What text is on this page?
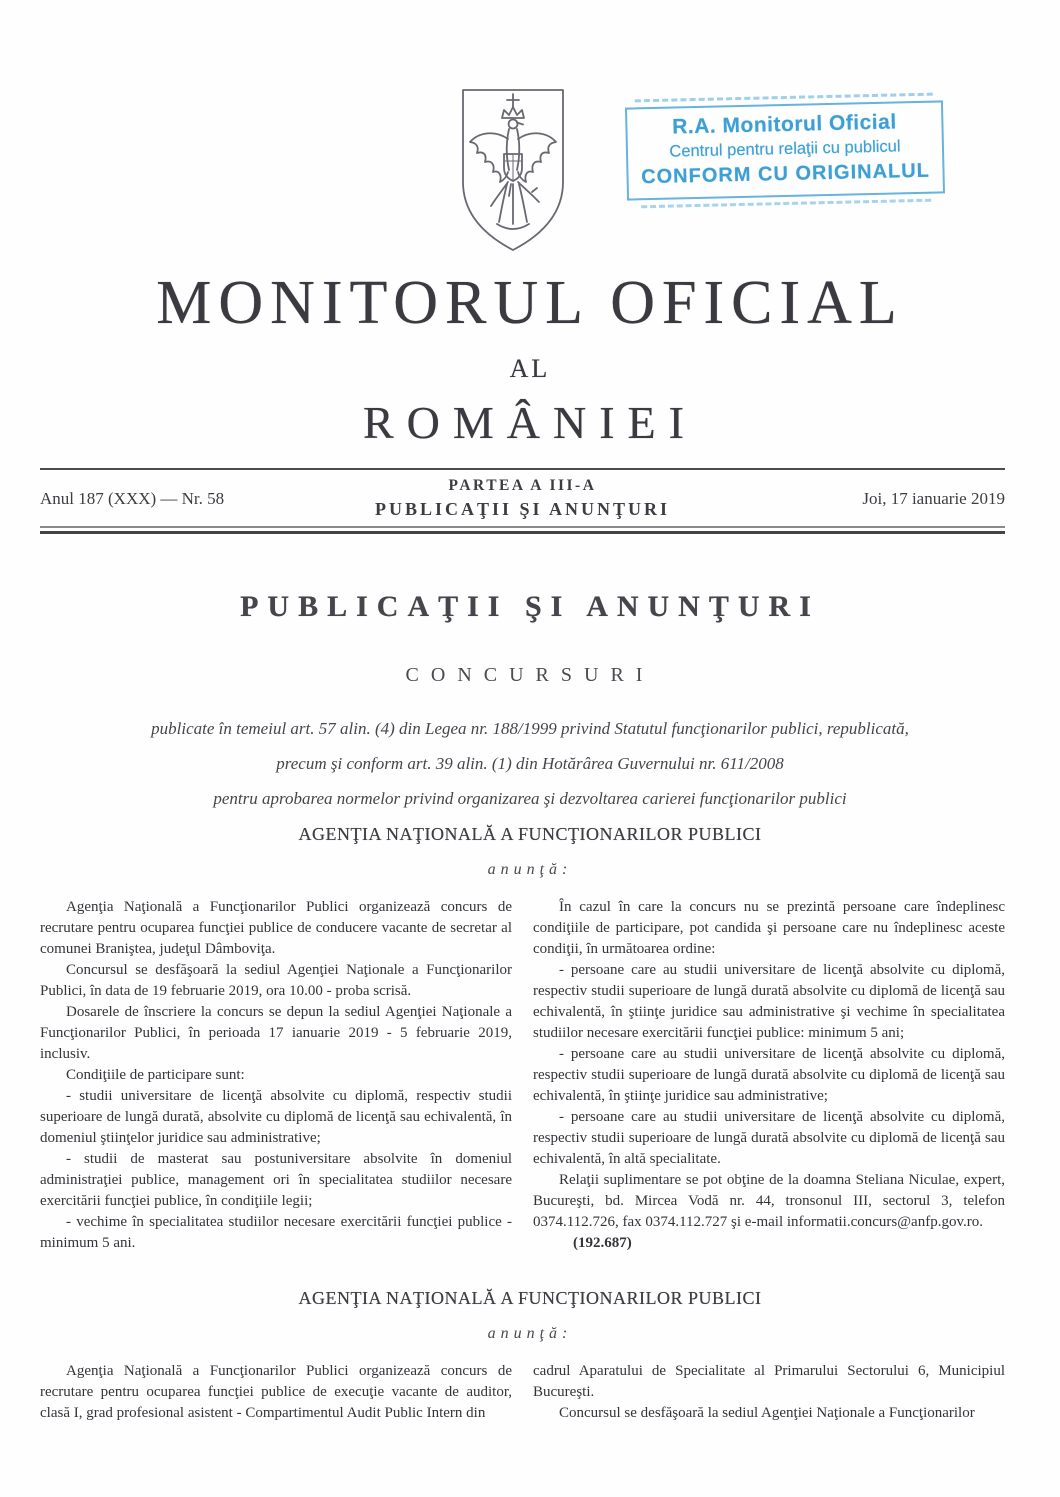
R.A. Monitorul Oficial
Centrul pentru relaţii cu publicul
CONFORM CU ORIGINALUL
MONITORUL OFICIAL
AL
ROMÂNIEI
Anul 187 (XXX) — Nr. 58
PARTEA A III-A
PUBLICAŢII ŞI ANUNŢURI
Joi, 17 ianuarie 2019
PUBLICAŢII ŞI ANUNŢURI
CONCURSURI

publicate în temeiul art. 57 alin. (4) din Legea nr. 188/1999 privind Statutul funcţionarilor publici, republicată,

precum şi conform art. 39 alin. (1) din Hotărârea Guvernului nr. 611/2008

pentru aprobarea normelor privind organizarea şi dezvoltarea carierei funcţionarilor publici

AGENŢIA NAŢIONALĂ A FUNCŢIONARILOR PUBLICI
anunţă:

Agenţia Naţională a Funcţionarilor Publici organizează concurs de recrutare pentru ocuparea funcţiei publice de conducere vacante de secretar al comunei Braniştea, judeţul Dâmboviţa.

Concursul se desfăşoară la sediul Agenţiei Naţionale a Funcţionarilor Publici, în data de 19 februarie 2019, ora 10.00 - proba scrisă.

Dosarele de înscriere la concurs se depun la sediul Agenţiei Naţionale a Funcţionarilor Publici, în perioada 17 ianuarie 2019 - 5 februarie 2019, inclusiv.

Condiţiile de participare sunt:

- studii universitare de licenţă absolvite cu diplomă, respectiv studii superioare de lungă durată, absolvite cu diplomă de licenţă sau echivalentă, în domeniul ştiinţelor juridice sau administrative;

- studii de masterat sau postuniversitare absolvite în domeniul administraţiei publice, management ori în specialitatea studiilor necesare exercitării funcţiei publice, în condiţiile legii;

- vechime în specialitatea studiilor necesare exercitării funcţiei publice - minimum 5 ani.

În cazul în care la concurs nu se prezintă persoane care îndeplinesc condiţiile de participare, pot candida şi persoane care nu îndeplinesc aceste condiţii, în următoarea ordine:

- persoane care au studii universitare de licenţă absolvite cu diplomă, respectiv studii superioare de lungă durată absolvite cu diplomă de licenţă sau echivalentă, în ştiinţe juridice sau administrative şi vechime în specialitatea studiilor necesare exercitării funcţiei publice: minimum 5 ani;

- persoane care au studii universitare de licenţă absolvite cu diplomă, respectiv studii superioare de lungă durată absolvite cu diplomă de licenţă sau echivalentă, în ştiinţe juridice sau administrative;

- persoane care au studii universitare de licenţă absolvite cu diplomă, respectiv studii superioare de lungă durată absolvite cu diplomă de licenţă sau echivalentă, în altă specialitate.

Relaţii suplimentare se pot obţine de la doamna Steliana Niculae, expert, Bucureşti, bd. Mircea Vodă nr. 44, tronsonul III, sectorul 3, telefon 0374.112.726, fax 0374.112.727 şi e-mail informatii.concurs@anfp.gov.ro.

(192.687)

AGENŢIA NAŢIONALĂ A FUNCŢIONARILOR PUBLICI
anunţă:

Agenţia Naţională a Funcţionarilor Publici organizează concurs de recrutare pentru ocuparea funcţiei publice de execuţie vacante de auditor, clasă I, grad profesional asistent - Compartimentul Audit Public Intern din

cadrul Aparatului de Specialitate al Primarului Sectorului 6, Municipiul Bucureşti.

Concursul se desfăşoară la sediul Agenţiei Naţionale a Funcţionarilor
